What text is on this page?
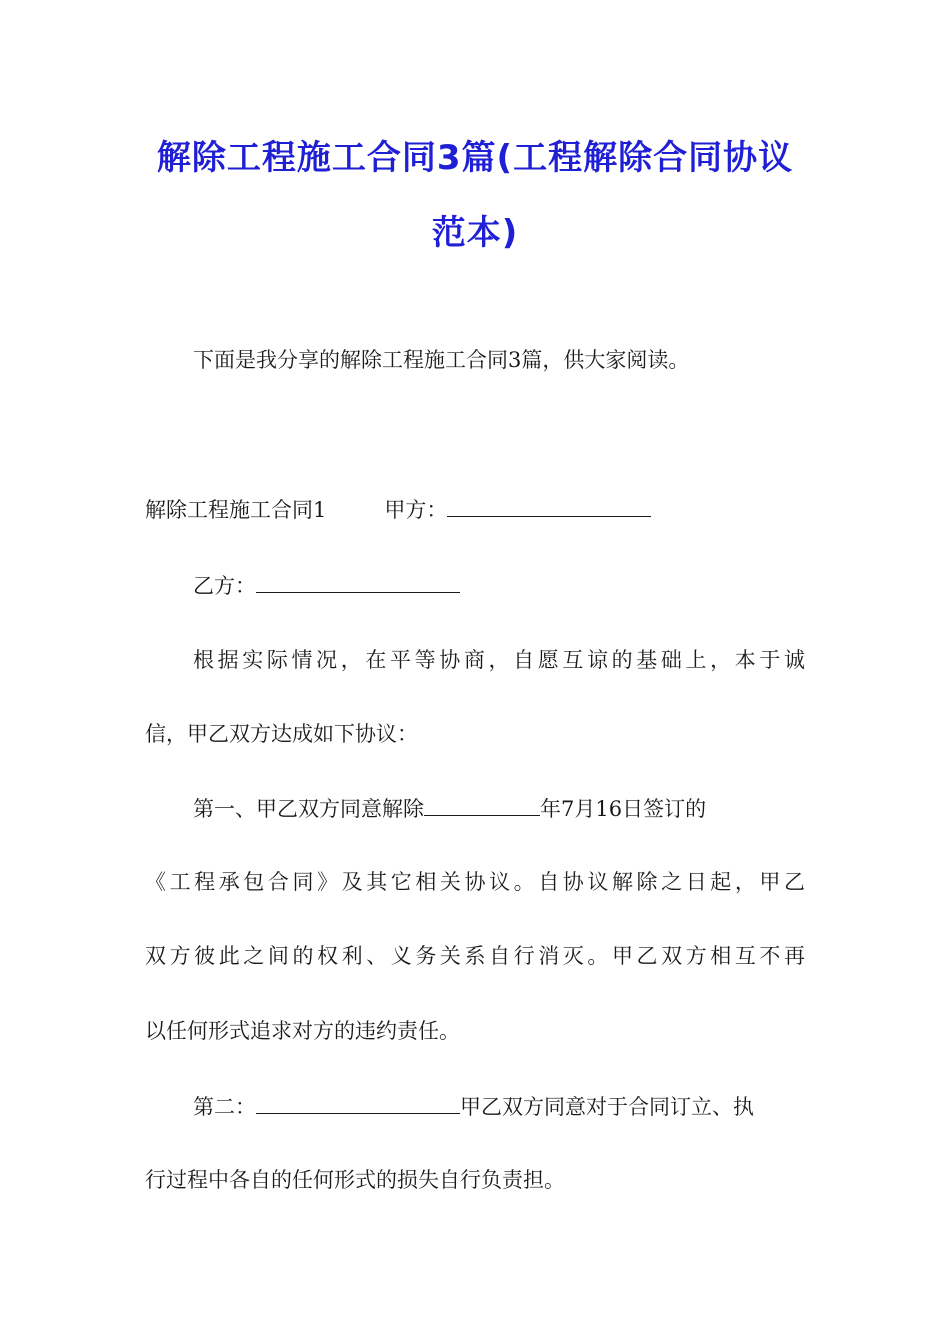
解除工程施工合同3篇(工程解除合同协议
范本)
下面是我分享的解除工程施工合同3篇，供大家阅读。
解除工程施工合同1	甲方：
乙方：
根据实际情况，在平等协商，自愿互谅的基础上，本于诚
信，甲乙双方达成如下协议：
第一、甲乙双方同意解除	年7月16日签订的
《工程承包合同》及其它相关协议。自协议解除之日起，甲乙
双方彼此之间的权利、义务关系自行消灭。甲乙双方相互不再
以任何形式追求对方的违约责任。
第二：	甲乙双方同意对于合同订立、执
行过程中各自的任何形式的损失自行负责担。
